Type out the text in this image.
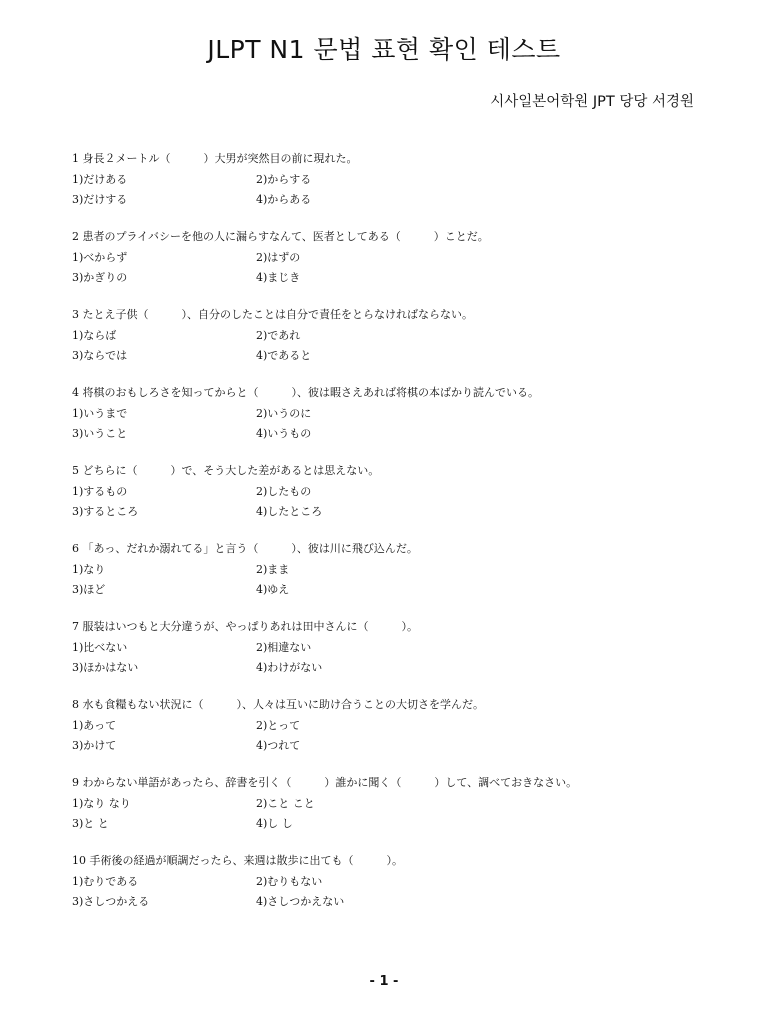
JLPT N1 문법 표현 확인 테스트
시사일본어학원 JPT 당당 서경원
1 身長２メートル（　　　）大男が突然目の前に現れた。
1)だけある	2)からする
3)だけする	4)からある
2 患者のプライバシーを他の人に漏らすなんて、医者としてある（　　　）ことだ。
1)べからず	2)はずの
3)かぎりの	4)まじき
3 たとえ子供（　　　）、自分のしたことは自分で責任をとらなければならない。
1)ならば	2)であれ
3)ならでは	4)であると
4 将棋のおもしろさを知ってからと（　　　）、彼は暇さえあれば将棋の本ばかり読んでいる。
1)いうまで	2)いうのに
3)いうこと	4)いうもの
5 どちらに（　　　）で、そう大した差があるとは思えない。
1)するもの	2)したもの
3)するところ	4)したところ
6 「あっ、だれか溺れてる」と言う（　　　）、彼は川に飛び込んだ。
1)なり	2)まま
3)ほど	4)ゆえ
7 服装はいつもと大分違うが、やっぱりあれは田中さんに（　　　）。
1)比べない	2)相違ない
3)ほかはない	4)わけがない
8 水も食糧もない状況に（　　　）、人々は互いに助け合うことの大切さを学んだ。
1)あって	2)とって
3)かけて	4)つれて
9 わからない単語があったら、辞書を引く（　　　）誰かに聞く（　　　）して、調べておきなさい。
1)なり なり	2)こと こと
3)と と	4)し し
10 手術後の経過が順調だったら、来週は散歩に出ても（　　　）。
1)むりである	2)むりもない
3)さしつかえる	4)さしつかえない
- 1 -
